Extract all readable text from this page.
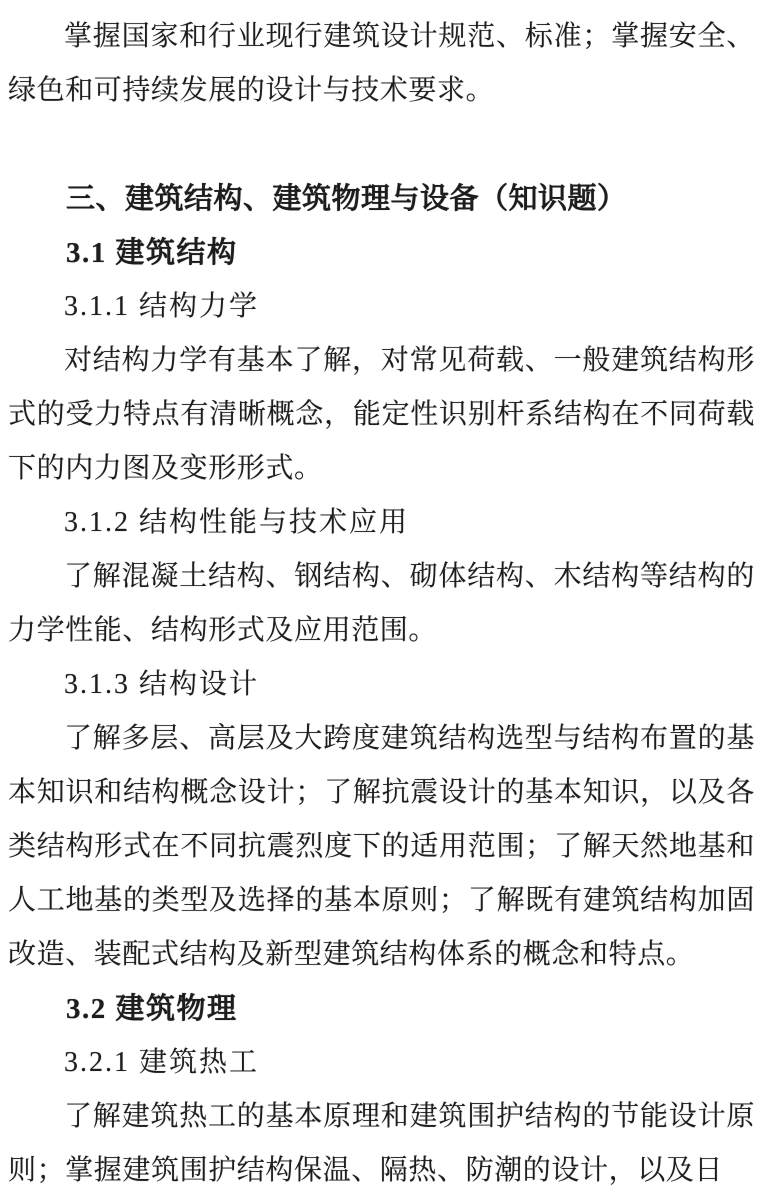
掌握国家和行业现行建筑设计规范、标准；掌握安全、绿色和可持续发展的设计与技术要求。

三、建筑结构、建筑物理与设备（知识题）
3.1 建筑结构
3.1.1 结构力学

对结构力学有基本了解，对常见荷载、一般建筑结构形式的受力特点有清晰概念，能定性识别杆系结构在不同荷载下的内力图及变形形式。

3.1.2 结构性能与技术应用

了解混凝土结构、钢结构、砌体结构、木结构等结构的力学性能、结构形式及应用范围。

3.1.3 结构设计

了解多层、高层及大跨度建筑结构选型与结构布置的基本知识和结构概念设计；了解抗震设计的基本知识，以及各类结构形式在不同抗震烈度下的适用范围；了解天然地基和人工地基的类型及选择的基本原则；了解既有建筑结构加固改造、装配式结构及新型建筑结构体系的概念和特点。

3.2 建筑物理
3.2.1 建筑热工

了解建筑热工的基本原理和建筑围护结构的节能设计原则；掌握建筑围护结构保温、隔热、防潮的设计，以及日
